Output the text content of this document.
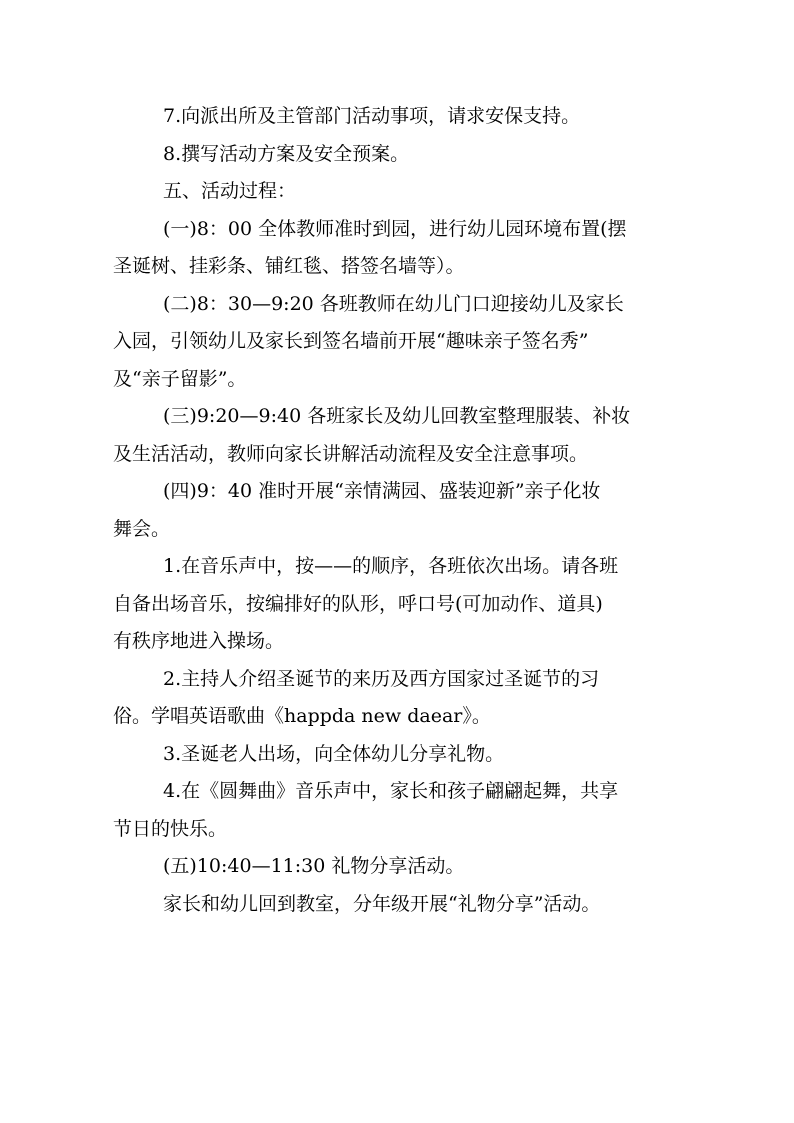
7.向派出所及主管部门活动事项，请求安保支持。

8.撰写活动方案及安全预案。

五、活动过程：

(一)8：00 全体教师准时到园，进行幼儿园环境布置(摆
圣诞树、挂彩条、铺红毯、搭签名墙等）。

(二)8：30—9:20 各班教师在幼儿门口迎接幼儿及家长
入园，引领幼儿及家长到签名墙前开展“趣味亲子签名秀”
及“亲子留影”。

(三)9:20—9:40 各班家长及幼儿回教室整理服装、补妆
及生活活动，教师向家长讲解活动流程及安全注意事项。

(四)9：40 准时开展“亲情满园、盛装迎新”亲子化妆
舞会。

1.在音乐声中，按——的顺序，各班依次出场。请各班
自备出场音乐，按编排好的队形，呼口号(可加动作、道具)
有秩序地进入操场。

2.主持人介绍圣诞节的来历及西方国家过圣诞节的习
俗。学唱英语歌曲《happda new daear》。

3.圣诞老人出场，向全体幼儿分享礼物。

4.在《圆舞曲》音乐声中，家长和孩子翩翩起舞，共享
节日的快乐。

(五)10:40—11:30 礼物分享活动。

家长和幼儿回到教室，分年级开展“礼物分享”活动。
